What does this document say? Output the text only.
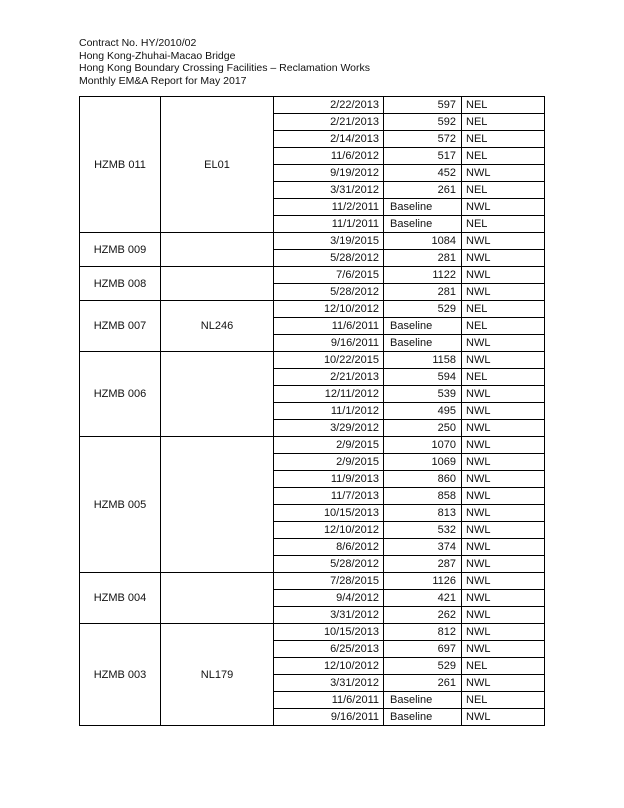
Contract No. HY/2010/02
Hong Kong-Zhuhai-Macao Bridge
Hong Kong Boundary Crossing Facilities – Reclamation Works
Monthly EM&A Report for May 2017
HZMB 011	EL01	2/22/2013	597	NEL
		2/21/2013	592	NEL
		2/14/2013	572	NEL
		11/6/2012	517	NEL
		9/19/2012	452	NWL
		3/31/2012	261	NEL
		11/2/2011	Baseline	NWL
		11/1/2011	Baseline	NEL
HZMB 009		3/19/2015	1084	NWL
		5/28/2012	281	NWL
HZMB 008		7/6/2015	1122	NWL
		5/28/2012	281	NWL
HZMB 007	NL246	12/10/2012	529	NEL
		11/6/2011	Baseline	NEL
		9/16/2011	Baseline	NWL
HZMB 006		10/22/2015	1158	NWL
		2/21/2013	594	NEL
		12/11/2012	539	NWL
		11/1/2012	495	NWL
		3/29/2012	250	NWL
HZMB 005		2/9/2015	1070	NWL
		2/9/2015	1069	NWL
		11/9/2013	860	NWL
		11/7/2013	858	NWL
		10/15/2013	813	NWL
		12/10/2012	532	NWL
		8/6/2012	374	NWL
		5/28/2012	287	NWL
HZMB 004		7/28/2015	1126	NWL
		9/4/2012	421	NWL
		3/31/2012	262	NWL
HZMB 003	NL179	10/15/2013	812	NWL
		6/25/2013	697	NWL
		12/10/2012	529	NEL
		3/31/2012	261	NWL
		11/6/2011	Baseline	NEL
		9/16/2011	Baseline	NWL
